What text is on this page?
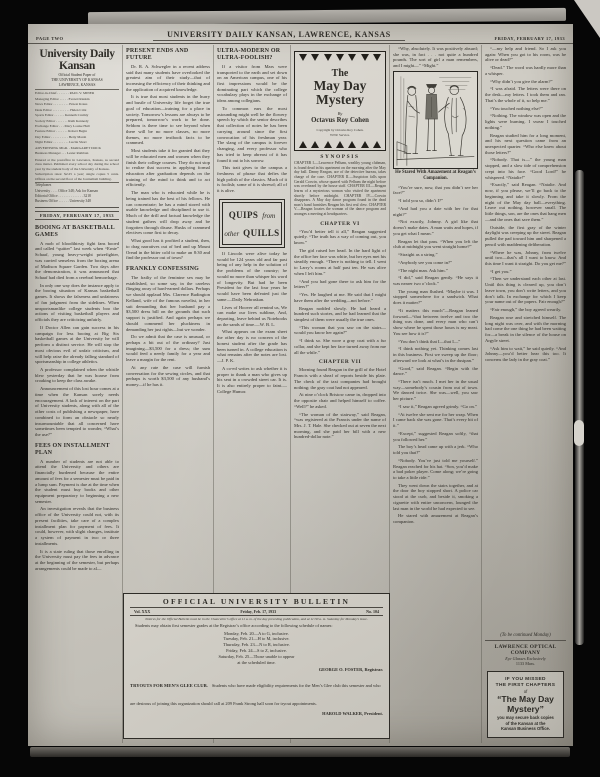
PAGE TWO	UNIVERSITY DAILY KANSAN, LAWRENCE, KANSAS	FRIDAY, FEBRUARY 17, 1933
University Daily Kansan

Official Student Paper of

THE UNIVERSITY OF KANSAS

LAWRENCE, KANSAS

Editor-in-Chief . . . . . . . PAUL V. MINER

Managing Editor . . . . . Everett Rankin

News Editor . . . . . . . . . Ernest Kraus

Desk Editor . . . . . . . . . . Helen Critz

Sports Editor . . . . . . Kenneth Crumly

Society Editor . . . . . . . Ruth Kennedy

Exchange Editor . . . Mary Louise Hull

Feature Editor . . . . . . . Robert Begin

Day Editor . . . . . . . . . . Betty Marsh

Night Editor . . . . . . . . . Lucile Short

ADVERTISING MGR. . MARGARET DOCK

Business Manager . . . Lester Rathbun

Entered at the postoffice in Lawrence, Kansas, as second class matter. Published every school day during the school year by the student body of the University of Kansas.

Subscription rates: $2.25 a year; single copies 5 cents. Offices on the second floor of the Journalism building.

Telephones

University . . . . Office 348; Ask for Kansan

Editorial Office . . . . . . . . . . . . . . 3218

Business Office . . . . . . University 348

FRIDAY, FEBRUARY 17, 1933
BOOING AT BASKETBALL GAMES

A mob of bloodthirsty fight fans booed and called “quitter” last week when “Ernie” Schaaf, young heavy-weight prizefighter, was carried senseless from the boxing arena of Madison Square Garden. Two days after the demonstration, it was announced that Schaaf had died from a cerebral hemorrhage.

In only one way does the instance apply to the booing situation of Kansas basketball games. It shows the falseness and unfairness of fan judgment from the sidelines. When unsportsmanlike college students boo the actions of visiting basketball players and officials they are criticizing unfairly.

If Doctor Allen can gain success in his campaign for less booing at Big Six basketball games at the University he will perform a distinct service. He will stop the most obvious evil of unfair criticism, and will help raise the already falling standard of sportsmanship in college athletics.

A professor complained when the whistle blew yesterday that he was hoarse from croaking to keep the class awake.

Announcement of this lost hour comes at a time when the Kansan sorely needs encouragement. A lack of interest on the part of University students, along with all of the other costs of publishing a newspaper, have combined to form an obstacle so nearly insurmountable that all concerned have sometimes been tempted to wonder, “What’s the use?”

FEES ON INSTALLMENT PLAN

A number of students are not able to attend the University and others are financially burdened because the entire amount of fees for a semester must be paid in a lump sum. Payment is due at the time when the student must buy books and other equipment preparatory to beginning a new semester.

An investigation reveals that the business office of the University could not, with its present facilities, take care of a complex installment plan for payment of fees. It could, however, with slight changes, institute a system of payment in two or three installments.

It is a state ruling that those enrolling in the University must pay the fees in advance at the beginning of the semester, but perhaps arrangements could be made to al—

PRESENT ENDS AND FUTURE

Dr. R. A. Schwegler in a recent address said that many students have overlooked the greatest aim of their study—that of increasing the efficiency of their thinking and the application of acquired knowledge.

It is true that most students in the hurry and bustle of University life forget the true goal of education—training for a place in society. Tomorrow’s lessons are always to be prepared, tomorrow’s work to be done. Seldom is there time to see beyond when there will be no more classes, no more themes, no more textbook facts to be crammed.

Most students take it for granted that they will be educated men and women when they finish their college courses. They do not stop to realize that success in applying formal education after graduation depends on the training of the mind to think and to act efficiently.

The man who is educated while he is being trained has the best of his fellows. He can concentrate; he has a mind stored with usable knowledge and disciplined to use it. Much of the drill and factual knowledge the student gathers will drop away and be forgotten through disuse. Husks of crammed electives come first to decay.

What good has it profited a student, then, to drag narratives out of bed and up Mount Oread in the bitter cold to make an 8:30 and find the professor out of town?

FRANKLY CONFESSING

The frailty of the feminine sex may be established, so some say, in the careless flinging away of hard-earned dollars. Perhaps we should applaud Mrs. Clarence Budington Kelland, wife of the famous novelist, in her suit demanding that her husband pay a $3,500 dress bill on the grounds that such support is justified. And again perhaps we should commend her pluckiness in demanding her just rights—but we wonder.

Do we admit that the case is unusual, or perhaps a bit out of the ordinary? Just imagining—$3,500 for a dress; the sum would feed a needy family for a year and leave a margin for the rent.

At any rate the case will furnish conversation for the sewing circles, and that perhaps is worth $3,500 of any husband’s money—if he has it.

ULTRA-MODERN OR ULTRA-FOOLISH?

If a visitor from Mars were transported to the earth and set down on an American campus, one of his first impressions would be the dominating part which the college vocabulary plays in the exchange of ideas among collegians.

To common ears the most astounding might well be the flowery speech by which the senior describes that collection of notes he has been carrying around since the first convocation of his freshman year. The slang of the campus is forever changing, and every professor who has tried to keep abreast of it has found it out to his sorrow.

This trait gives to the campus a freshness of phrase that defies the high polish of the classics. Much of it is foolish; some of it is shrewd; all of it is alive.

QUIPS from
other QUILLS

If Lincoln were alive today he would be 124 years old and far past being of any help in the solution of the problems of the country; he would no more than whisper his word of longevity. But had he been President for the last four years he would have been defeated just the same.—Daily Nebraskan.

Lives of Hoover all remind us, We can make our lives sublime, And, departing, leave behind us Notebooks on the sands of time.—W. B. L.

What appears on the exam sheet the other day is no concern of the honest student after the grade has been turned in. A college education is what remains after the notes are lost.—J. P. K.

A co-ed writes to ask whether it is proper to thank a man who gives up his seat in a crowded street car. It is. It is also entirely proper to faint.—College Humor.

The
May Day
Mystery
By
Octavus Roy Cohen
Copyright by Octavus Roy Cohen.
WNU Service.
SYNOPSIS
CHAPTER I.—Lawrence Pelham, wealthy young clubman, is found dead in his apartment on the morning after the May day ball. Danny Reagan, ace of the detective bureau, takes charge of the case. CHAPTER II.—Suspicion falls upon Gerald Corwin, whose quarrel with Pelham the night before was overheard by the house staff. CHAPTER III.—Reagan learns of a mysterious woman who visited the apartment shortly before midnight. CHAPTER IV.—Corwin disappears. A May day dance program found in the dead man’s hand furnishes Reagan his first real clew. CHAPTER V.—Reagan locates the woman of the dance program and arranges a meeting at headquarters.
CHAPTER VI

“You’d better tell it all,” Reagan suggested quietly. “The truth has a way of coming out, you know.”

The girl raised her head. In the hard light of the office her face was white, but her eyes met his steadily enough. “There is nothing to tell. I went to Larry’s rooms at half past ten. He was alive when I left him.”

“And you had gone there to ask him for the letters?”

“Yes. He laughed at me. He said that I might have them after the wedding—not before.”

Reagan nodded slowly. He had heard a hundred such stories, and he had learned that the simplest of them were usually the true ones.

“This woman that you saw on the stairs—would you know her again?”

“I think so. She wore a gray coat with a fur collar, and she kept her face turned away from me all the while.”

CHAPTER VII

Morning found Reagan in the grill of the Hotel Francis with a sheaf of reports beside his plate. The check of the taxi companies had brought nothing; the gray coat had not appeared.

At nine o’clock Bristow came in, dropped into the opposite chair and helped himself to coffee. “Well?” he asked.

“The woman of the stairway,” said Reagan, “was registered at the Francis under the name of Mrs. J. T. Hale. She checked out at seven the next morning, and she paid her bill with a new hundred-dollar note.”

“Why, absolutely. It was positively absurd; she was, in fact . . . not quite a hundred pounds. The sort of girl a man remembers, and I might—” “Might.”

He Stared With Amazement at Reagan’s Companion.

“You’re sure, now, that you didn’t see her face?”

“I told you so, didn’t I?”

“And had you a date with her for that night?”

“Not exactly, Johnny. A girl like that doesn’t make dates. A man waits and hopes, if you get what I mean.”

Reagan let that pass. “When you left the club at midnight you went straight home?”

“Straight as a string.”

“Anybody see you come in?”

“The night man. Ask him.”

“I did,” said Reagan gently. “He says it was nearer two o’clock.”

The young man flushed. “Maybe it was. I stopped somewhere for a sandwich. What does it matter?”

“It matters this much”—Reagan leaned forward—“that between twelve and two the thing was done, and every man who can’t show where he spent those hours is my meat. You see how it is?”

“You don’t think that I—that I—”

“I think nothing yet. Thinking comes last in this business. First we sweep up the floor; afterward we look at what’s in the dustpan.”

“Good,” said Reagan. “Begin with the dance.”

“There isn’t much. I met her in the usual way—somebody’s cousin from out of town. We danced twice. She was—well, you saw her picture.”

“I saw it,” Reagan agreed grimly. “Go on.”

“At twelve she sent me for her wrap. When I came back she was gone. That’s every bit of it.”

“Except,” suggested Reagan softly, “that you followed her.”

The boy’s head came up with a jerk. “Who told you that?”

“Nobody. You’ve just told me yourself.” Reagan reached for his hat. “Son, you’d make a bad poker player. Come along; we’re going to take a little ride.”

They went down the stairs together, and at the door the boy stopped short. A police car stood at the curb, and beside it, smoking a cigarette with entire unconcern, lounged the last man in the world he had expected to see.

He stared with amazement at Reagan’s companion.

“—my help and friend. So I ask you again: When you got to his room, was he alive or dead?”

“Dead.” The word was hardly more than a whisper.

“Why didn’t you give the alarm?”

“I was afraid. The letters were there on the desk—my letters. I took them and ran. That’s the whole of it, so help me.”

“You touched nothing else?”

“Nothing. The window was open and the lights were burning. I swear I touched nothing.”

Reagan studied him for a long moment, and his next question came from an unexpected quarter. “Who else knew about those letters?”

“Nobody. That is—” the young man stopped, and a slow tide of comprehension crept into his face. “Good Lord!” he whispered. “Natalie!”

“Exactly,” said Reagan. “Natalie. And now, if you please, we’ll go back to the beginning and take it slowly. From the night of the May day ball—everything. Leave out nothing, however small. The little things, son, are the ones that hang men—and the ones that save them.”

Outside, the first gray of the winter daylight was creeping up the street. Reagan pulled the pad toward him and sharpened a pencil with maddening deliberation.

“Where he was, Johnny, from twelve until two—that’s all I want to know. And this time I want it straight. Do you get me?”

“I get you.”

“Then we understand each other at last. Until this thing is cleared up, you don’t leave town, you don’t write letters, and you don’t talk. In exchange for which I keep your name out of the papers. Fair enough?”

“Fair enough,” the boy agreed wearily.

Reagan rose and stretched himself. The long night was over, and with the morning had come the one thing he had been waiting for—a break in the silence of the house on Argyle street.

“Ask him to wait,” he said quietly. “And Johnny—you’d better hear this too. It concerns the lady in the gray coat.”

(To be continued Monday)
LAWRENCE OPTICAL COMPANY
Eye Glasses Exclusively
1133 Mass.
IF YOU MISSED
THE FIRST CHAPTERS
of
“The May Day
Mystery”
you may secure back copies
of the Kansan at the
Kansan Business Office.
OFFICIAL UNIVERSITY BULLETIN
Vol. XXX	Friday, Feb. 17, 1933	No. 104
Notices for the Official Bulletin must be in the Chancellor’s office at 11 a. m. of the day preceding publication, and at 11:30 a. m. Saturday for Monday’s issue.

Students may obtain first semester grades at the Registrar’s office according to the following schedule of names:

Monday, Feb. 20—A to G, inclusive.

Tuesday, Feb. 21—H to M, inclusive.

Thursday, Feb. 23—N to R, inclusive.

Friday, Feb. 24—S to Z, inclusive.

Saturday, Feb. 25—Those unable to appear

at the scheduled time.

GEORGE O. FOSTER, Registrar.
TRYOUTS FOR MEN’S GLEE CLUB. Students who have made eligibility requirements for the Men’s Glee club this semester and who are desirous of joining this organization should call at 209 Frank Strong hall soon for tryout appointments.

HAROLD WALKER, President.
